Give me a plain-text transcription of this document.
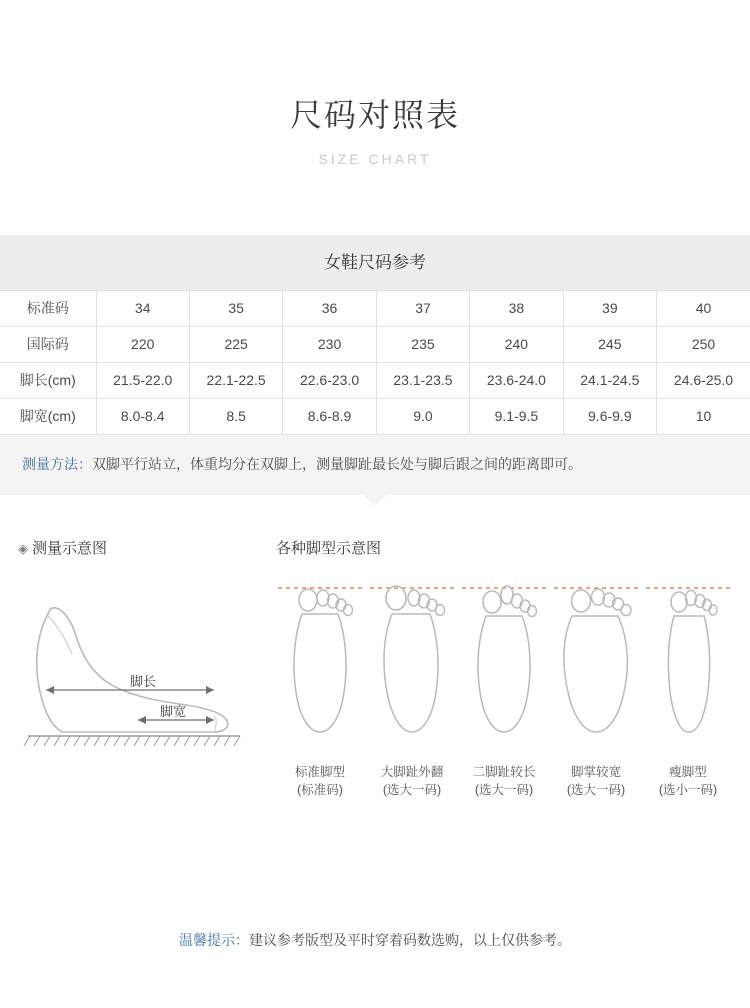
尺码对照表
SIZE CHART
女鞋尺码参考
标准码	34	35	36	37	38	39	40
国际码	220	225	230	235	240	245	250
脚长(cm)	21.5-22.0	22.1-22.5	22.6-23.0	23.1-23.5	23.6-24.0	24.1-24.5	24.6-25.0
脚宽(cm)	8.0-8.4	8.5	8.6-8.9	9.0	9.1-9.5	9.6-9.9	10
测量方法：双脚平行站立，体重均分在双脚上，测量脚趾最长处与脚后跟之间的距离即可。
◈ 测量示意图
脚长
脚宽
各种脚型示意图
标准脚型
(标准码)
大脚趾外翻
(选大一码)
二脚趾较长
(选大一码)
脚掌较宽
(选大一码)
瘦脚型
(选小一码)
温馨提示：建议参考版型及平时穿着码数选购，以上仅供参考。
